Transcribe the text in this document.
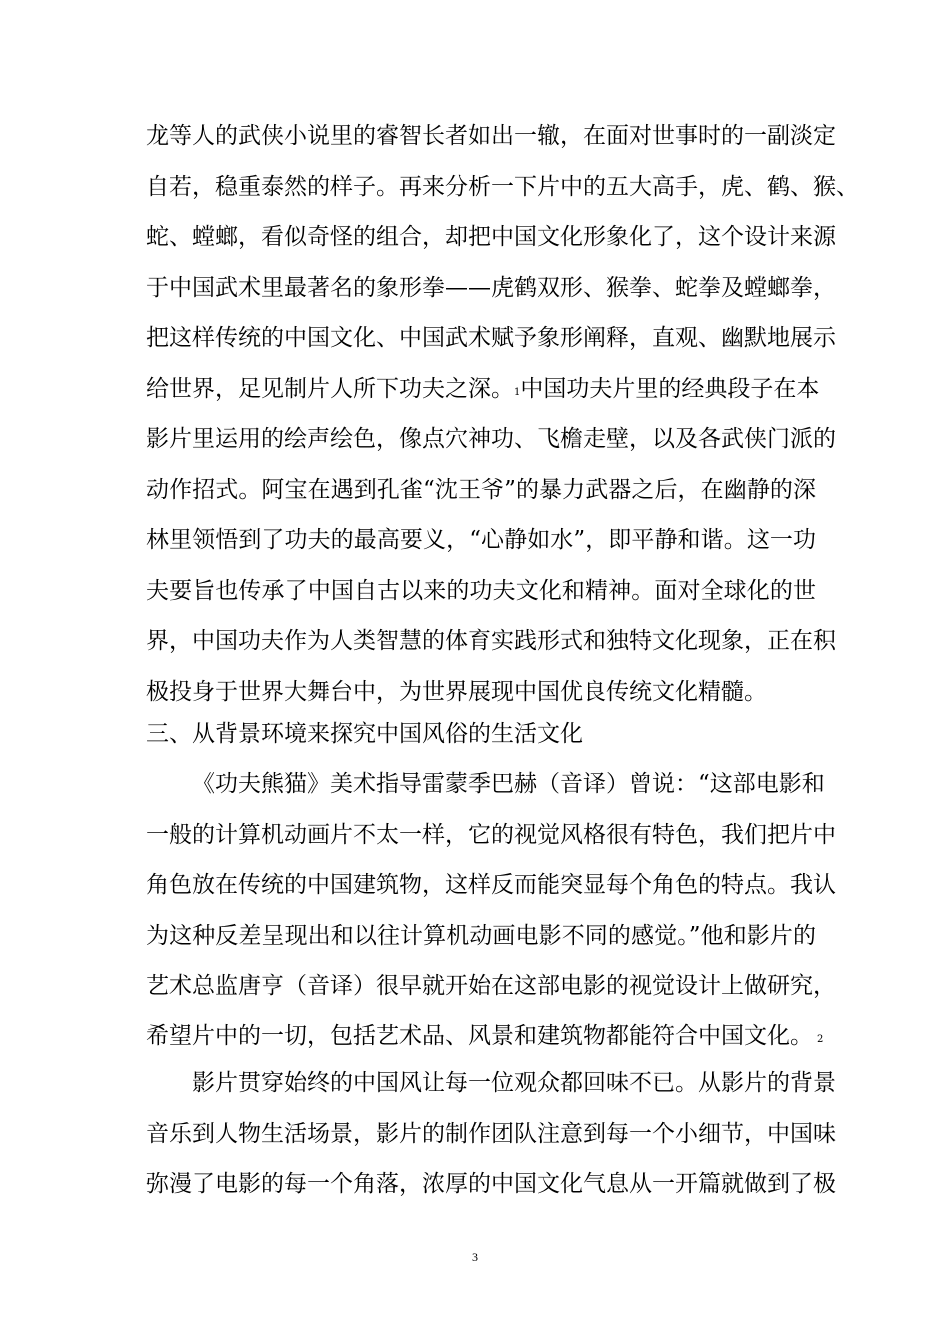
龙等人的武侠小说里的睿智长者如出一辙，在面对世事时的一副淡定
自若，稳重泰然的样子。再来分析一下片中的五大高手，虎、鹤、猴、
蛇、螳螂，看似奇怪的组合，却把中国文化形象化了，这个设计来源
于中国武术里最著名的象形拳——虎鹤双形、猴拳、蛇拳及螳螂拳，
把这样传统的中国文化、中国武术赋予象形阐释，直观、幽默地展示
给世界，足见制片人所下功夫之深。1中国功夫片里的经典段子在本
影片里运用的绘声绘色，像点穴神功、飞檐走壁，以及各武侠门派的
动作招式。阿宝在遇到孔雀“沈王爷”的暴力武器之后，在幽静的深
林里领悟到了功夫的最高要义，“心静如水”，即平静和谐。这一功
夫要旨也传承了中国自古以来的功夫文化和精神。面对全球化的世
界，中国功夫作为人类智慧的体育实践形式和独特文化现象，正在积
极投身于世界大舞台中，为世界展现中国优良传统文化精髓。
三、从背景环境来探究中国风俗的生活文化
《功夫熊猫》美术指导雷蒙季巴赫（音译）曾说：“这部电影和
一般的计算机动画片不太一样，它的视觉风格很有特色，我们把片中
角色放在传统的中国建筑物，这样反而能突显每个角色的特点。我认
为这种反差呈现出和以往计算机动画电影不同的感觉。”他和影片的
艺术总监唐亨（音译）很早就开始在这部电影的视觉设计上做研究，
希望片中的一切，包括艺术品、风景和建筑物都能符合中国文化。 2
影片贯穿始终的中国风让每一位观众都回味不已。从影片的背景
音乐到人物生活场景，影片的制作团队注意到每一个小细节，中国味
弥漫了电影的每一个角落，浓厚的中国文化气息从一开篇就做到了极
3
